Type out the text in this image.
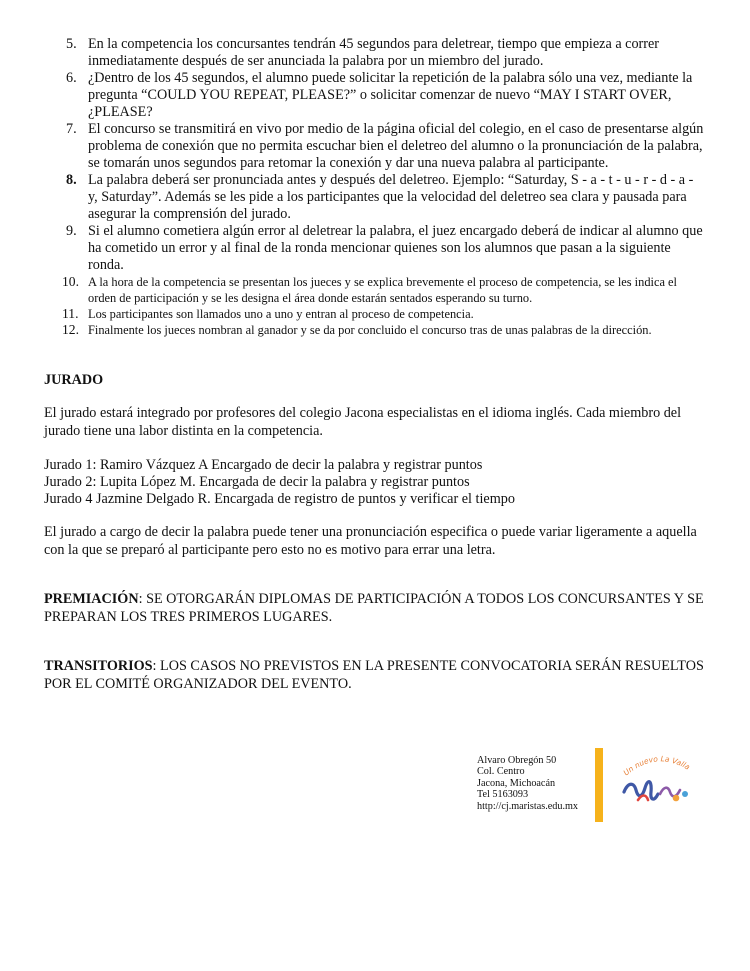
5. En la competencia los concursantes tendrán 45 segundos para deletrear, tiempo que empieza a correr inmediatamente después de ser anunciada la palabra por un miembro del jurado.
6. ¿Dentro de los 45 segundos, el alumno puede solicitar la repetición de la palabra sólo una vez, mediante la pregunta “COULD YOU REPEAT, PLEASE?” o solicitar comenzar de nuevo “MAY I START OVER, ¿PLEASE?
7. El concurso se transmitirá en vivo por medio de la página oficial del colegio, en el caso de presentarse algún problema de conexión que no permita escuchar bien el deletreo del alumno o la pronunciación de la palabra, se tomarán unos segundos para retomar la conexión y dar una nueva palabra al participante.
8. La palabra deberá ser pronunciada antes y después del deletreo. Ejemplo: “Saturday, S - a - t - u - r - d - a - y, Saturday”. Además se les pide a los participantes que la velocidad del deletreo sea clara y pausada para asegurar la comprensión del jurado.
9. Si el alumno cometiera algún error al deletrear la palabra, el juez encargado deberá de indicar al alumno que ha cometido un error y al final de la ronda mencionar quienes son los alumnos que pasan a la siguiente ronda.
10. A la hora de la competencia se presentan los jueces y se explica brevemente el proceso de competencia, se les indica el orden de participación y se les designa el área donde estarán sentados esperando su turno.
11. Los participantes son llamados uno a uno y entran al proceso de competencia.
12. Finalmente los jueces nombran al ganador y se da por concluido el concurso tras de unas palabras de la dirección.

JURADO

El jurado estará integrado por profesores del colegio Jacona especialistas en el idioma inglés. Cada miembro del jurado tiene una labor distinta en la competencia.

Jurado 1: Ramiro Vázquez A Encargado de decir la palabra y registrar puntos

Jurado 2: Lupita López M. Encargada de decir la palabra y registrar puntos

Jurado 4 Jazmine Delgado R. Encargada de registro de puntos y verificar el tiempo

El jurado a cargo de decir la palabra puede tener una pronunciación especifica o puede variar ligeramente a aquella con la que se preparó al participante pero esto no es motivo para errar una letra.

PREMIACIÓN: SE OTORGARÁN DIPLOMAS DE PARTICIPACIÓN A TODOS LOS CONCURSANTES Y SE PREPARAN LOS TRES PRIMEROS LUGARES.

TRANSITORIOS: LOS CASOS NO PREVISTOS EN LA PRESENTE CONVOCATORIA SERÁN RESUELTOS POR EL COMITÉ ORGANIZADOR DEL EVENTO.

Alvaro Obregón 50
Col. Centro
Jacona, Michoacán
Tel 5163093
http://cj.maristas.edu.mx
Un nuevo La Valla
